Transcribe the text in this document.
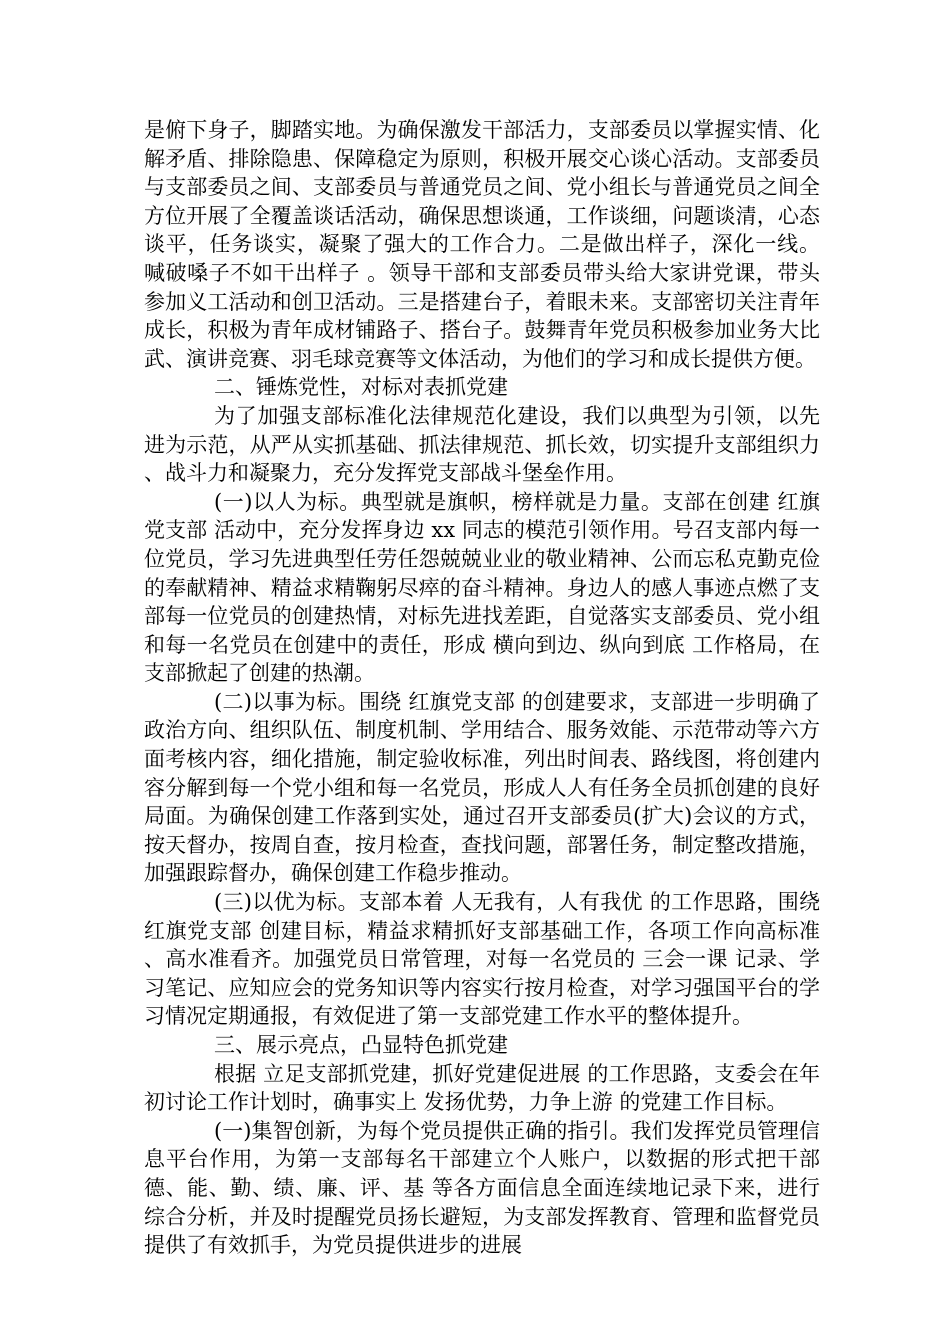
是俯下身子，脚踏实地。为确保激发干部活力，支部委员以掌握实情、化解矛盾、排除隐患、保障稳定为原则，积极开展交心谈心活动。支部委员与支部委员之间、支部委员与普通党员之间、党小组长与普通党员之间全方位开展了全覆盖谈话活动，确保思想谈通，工作谈细，问题谈清，心态谈平，任务谈实，凝聚了强大的工作合力。二是做出样子，深化一线。 喊破嗓子不如干出样子 。领导干部和支部委员带头给大家讲党课，带头参加义工活动和创卫活动。三是搭建台子，着眼未来。支部密切关注青年成长，积极为青年成材铺路子、搭台子。鼓舞青年党员积极参加业务大比武、演讲竞赛、羽毛球竞赛等文体活动，为他们的学习和成长提供方便。

二、锤炼党性，对标对表抓党建

为了加强支部标准化法律规范化建设，我们以典型为引领，以先进为示范，从严从实抓基础、抓法律规范、抓长效，切实提升支部组织力、战斗力和凝聚力，充分发挥党支部战斗堡垒作用。

(一)以人为标。典型就是旗帜，榜样就是力量。支部在创建 红旗党支部 活动中，充分发挥身边 xx 同志的模范引领作用。号召支部内每一位党员，学习先进典型任劳任怨兢兢业业的敬业精神、公而忘私克勤克俭的奉献精神、精益求精鞠躬尽瘁的奋斗精神。身边人的感人事迹点燃了支部每一位党员的创建热情，对标先进找差距，自觉落实支部委员、党小组和每一名党员在创建中的责任，形成 横向到边、纵向到底 工作格局，在支部掀起了创建的热潮。

(二)以事为标。围绕 红旗党支部 的创建要求，支部进一步明确了政治方向、组织队伍、制度机制、学用结合、服务效能、示范带动等六方面考核内容，细化措施，制定验收标准，列出时间表、路线图，将创建内容分解到每一个党小组和每一名党员，形成人人有任务全员抓创建的良好局面。为确保创建工作落到实处，通过召开支部委员(扩大)会议的方式，按天督办，按周自查，按月检查，查找问题，部署任务，制定整改措施，加强跟踪督办，确保创建工作稳步推动。

(三)以优为标。支部本着 人无我有，人有我优 的工作思路，围绕 红旗党支部 创建目标，精益求精抓好支部基础工作，各项工作向高标准、高水准看齐。加强党员日常管理，对每一名党员的 三会一课 记录、学习笔记、应知应会的党务知识等内容实行按月检查，对学习强国平台的学习情况定期通报，有效促进了第一支部党建工作水平的整体提升。

三、展示亮点，凸显特色抓党建

根据 立足支部抓党建，抓好党建促进展 的工作思路，支委会在年初讨论工作计划时，确事实上 发扬优势，力争上游 的党建工作目标。

(一)集智创新，为每个党员提供正确的指引。我们发挥党员管理信息平台作用，为第一支部每名干部建立个人账户，以数据的形式把干部 德、能、勤、绩、廉、评、基 等各方面信息全面连续地记录下来，进行综合分析，并及时提醒党员扬长避短，为支部发挥教育、管理和监督党员提供了有效抓手，为党员提供进步的进展
